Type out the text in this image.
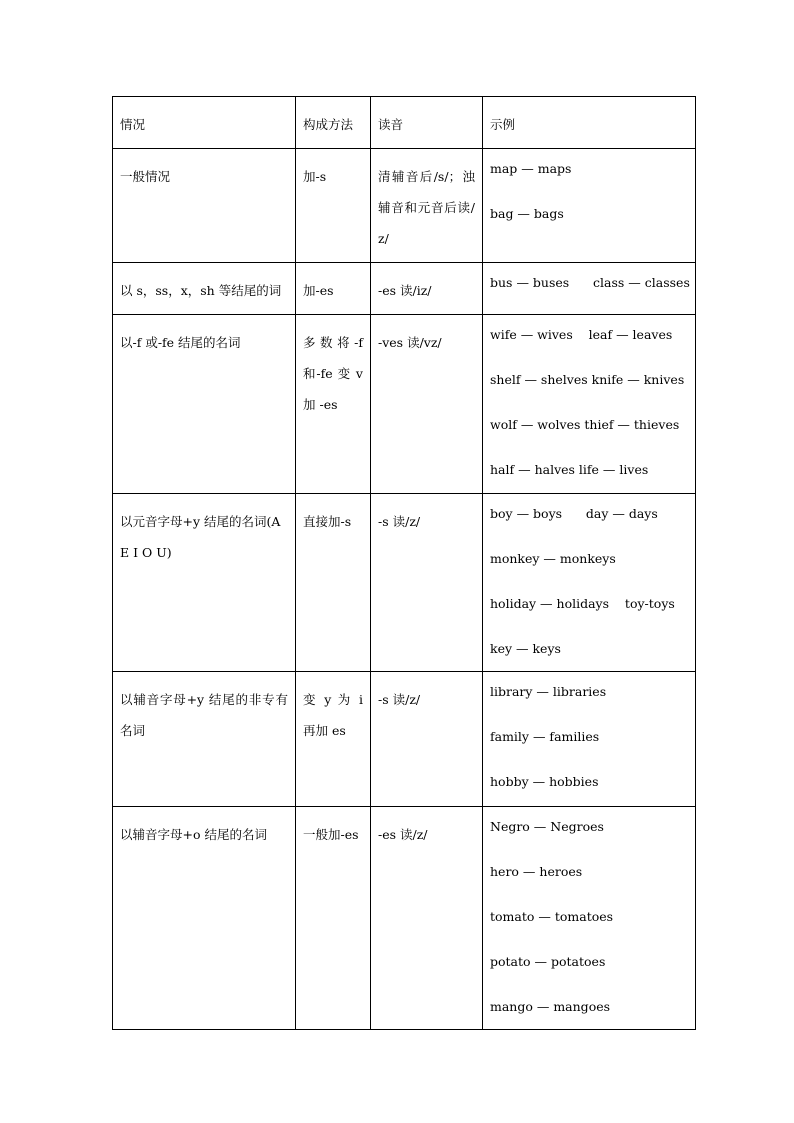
情况	构成方法	读音	示例
一般情况	加-s	清辅音后/s/；浊辅音和元音后读/z/	map — maps
bag — bags

以 s，ss，x，sh 等结尾的词	加-es	-es 读/iz/	bus — buses      class — classes

以-f 或-fe 结尾的名词	多数将-f 和-fe 变 v 加 -es	-ves 读/vz/	wife — wives    leaf — leaves
shelf — shelves knife — knives
wolf — wolves thief — thieves
half — halves life — lives

以元音字母+y 结尾的名词(A E I O U)	直接加-s	-s 读/z/	boy — boys      day — days
monkey — monkeys
holiday — holidays    toy-toys
key — keys

以辅音字母+y 结尾的非专有名词	变 y 为 i 再加 es	-s 读/z/	library — libraries
family — families
hobby — hobbies

以辅音字母+o 结尾的名词	一般加-es	-es 读/z/	Negro — Negroes
hero — heroes
tomato — tomatoes
potato — potatoes
mango — mangoes
